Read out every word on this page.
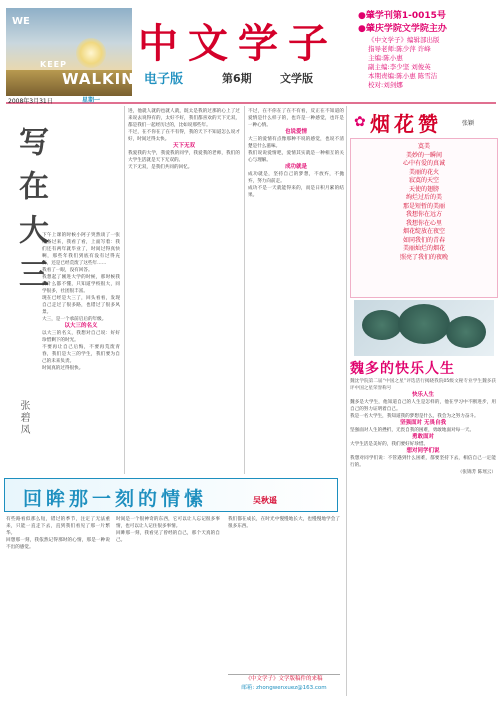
WE
KEEP
WALKING
中文学子
电子版	第6期	文学版
●肇学刊第1-0015号
●肇庆学院文学院主办
《中文学子》编辑部出版
指导老师:陈少萍 许峰
主编:陈小惠
副主编:李少坚 刘俊英
本期责编:陈小惠 陈雪洁
校对:刘剑娜
2008年3月31日	星期一
写在大三
张碧凤

下午上课的时候小阿子突然谈了一张纸条过来，我看了看，上面写着：我们还有两年就毕业了，时间过得真快啊，那些年我们到底有没有过得充实，还是已经荒废了这些年……

我看了一眼，没有回答。

我想起了刚进大学的时候，那时候我们什么都不懂，只知道学校很大，同学很多，社团很丰富。

现在已经是大三了，回头看看，发现自己走过了很多路，也错过了很多风景。

大三，是一个承前启后的年级。

以大三的名义

以大三的名义，我想对自己说：好好珍惜剩下的时光。

不要再让自己后悔，不要再荒废青春，我们是大三的学生，我们要为自己的未来负责。

时间真的过得很快。

进，他就人就的也就人就，既太是我的过那的心上了过来说去说得有的，太好不好，我们都喜欢的天下无双，都是我们一起经历过的，比如说那些年。

不过，在不你在了在不有得，我的天下不知道怎么说才好，时间过得太快。

天下无双

我爱我的大学，我爱我的同学，我爱我的老师，我们的大学生活就是天下无双的。

天下无双，是我们共同的回忆。

不过，在不你在了在不有看，反正在不知道的爱情是什么样子的，也许是一种感觉，也许是一种心情。

也说爱情

大三的爱情有点像那种不说的感觉，也说不清楚是什么滋味。

我们说说爱情吧，爱情其实就是一种相互的关心与理解。

成功就是

成功就是，坚持自己的梦想，不放弃，不抛弃，努力向前走。

成功不是一天就能得来的，而是日积月累的结果。

烟花赞	张颖
✿
寞美
美妙的一瞬间
心中有爱的真诚
美丽的花火
寂寞的天空
天使的翅膀
绚烂过后的美
那是短暂的美丽
我想你在远方
我想你在心里
烟花绽放在夜空
如同我们的青春
美丽灿烂的烟花
照亮了我们的夜晚
魏多的快乐人生

魏沈学院第二届“中国之星”评选活行揭晓我院05级文秘专业学生魏多获评中国之星荣誉称号

快乐人生

魏多是大学生，他知道自己的人生是怎样的，他在学习中不断进步，用自己的努力证明着自己。

我是一名大学生，我知道我的梦想是什么，我会为之努力奋斗。

坚强面对 无畏自我

坚强面对人生的挫折，无畏自我的困难，勇敢地面对每一天。

勇敢面对

大学生活是美好的，我们要好好珍惜。

想对同学们说

我想对同学们说：不管遇到什么困难，都要坚持下去，相信自己一定能行的。

（张锦芳 陈瑶云）

回眸那一刻的情愫	吴秋遥

有些路看似那么短，错过的季节，注定了无法重来，只能一直走下去，直到我们看见了那一片繁华。

回想那一刻，我依然记得那时的心情，那是一种说不出的感觉。

时间是一个很神奇的东西，它可以让人忘记很多事情，也可以让人记住很多事情。

回眸那一刻，我看见了曾经的自己，那个天真的自己。

我们都在成长，在时光中慢慢地长大，也慢慢地学会了很多东西。

《中文学子》文学版稿件的来稿
邮箱: zhongwenxuez@163.com
